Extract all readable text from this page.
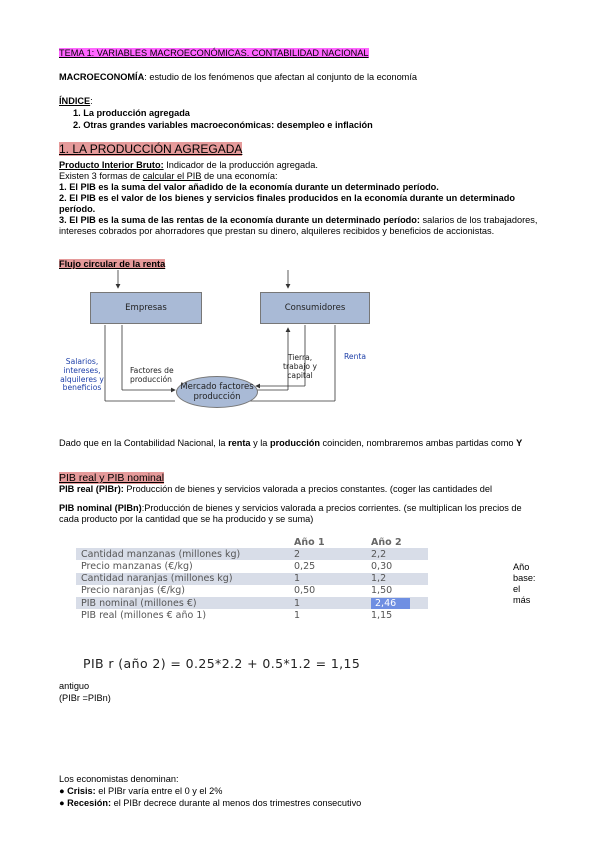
TEMA 1: VARIABLES MACROECONÓMICAS. CONTABILIDAD NACIONAL
MACROECONOMÍA: estudio de los fenómenos que afectan al conjunto de la economía
ÍNDICE:
1. La producción agregada
2. Otras grandes variables macroeconómicas: desempleo e inflación
1. LA PRODUCCIÓN AGREGADA
Producto Interior Bruto: Indicador de la producción agregada.
Existen 3 formas de calcular el PIB de una economía:
1. El PIB es la suma del valor añadido de la economía durante un determinado período.
2. El PIB es el valor de los bienes y servicios finales producidos en la economía durante un determinado período.
3. El PIB es la suma de las rentas de la economía durante un determinado período: salarios de los trabajadores, intereses cobrados por ahorradores que prestan su dinero, alquileres recibidos y beneficios de accionistas.
Flujo circular de la renta
Empresas	Consumidores
Mercado factores producción
Salarios, intereses, alquileres y beneficios
Factores de producción
Tierra, trabajo y capital
Renta
Dado que en la Contabilidad Nacional, la renta y la producción coinciden, nombraremos ambas partidas como Y
PIB real y PIB nominal
PIB real (PIBr): Producción de bienes y servicios valorada a precios constantes. (coger las cantidades del
PIB nominal (PIBn):Producción de bienes y servicios valorada a precios corrientes. (se multiplican los precios de cada producto por la cantidad que se ha producido y se suma)
	Año 1	Año 2
Cantidad manzanas (millones kg)	2	2,2
Precio manzanas (€/kg)	0,25	0,30
Cantidad naranjas (millones kg)	1	1,2
Precio naranjas (€/kg)	0,50	1,50
PIB nominal (millones €)	1	2,46
PIB real (millones € año 1)	1	1,15
Año
base:
el
más
PIB r (año 2) = 0.25*2.2 + 0.5*1.2 = 1,15
antiguo
(PIBr =PIBn)
Los economistas denominan:
● Crisis: el PIBr varía entre el 0 y el 2%
● Recesión: el PIBr decrece durante al menos dos trimestres consecutivo
